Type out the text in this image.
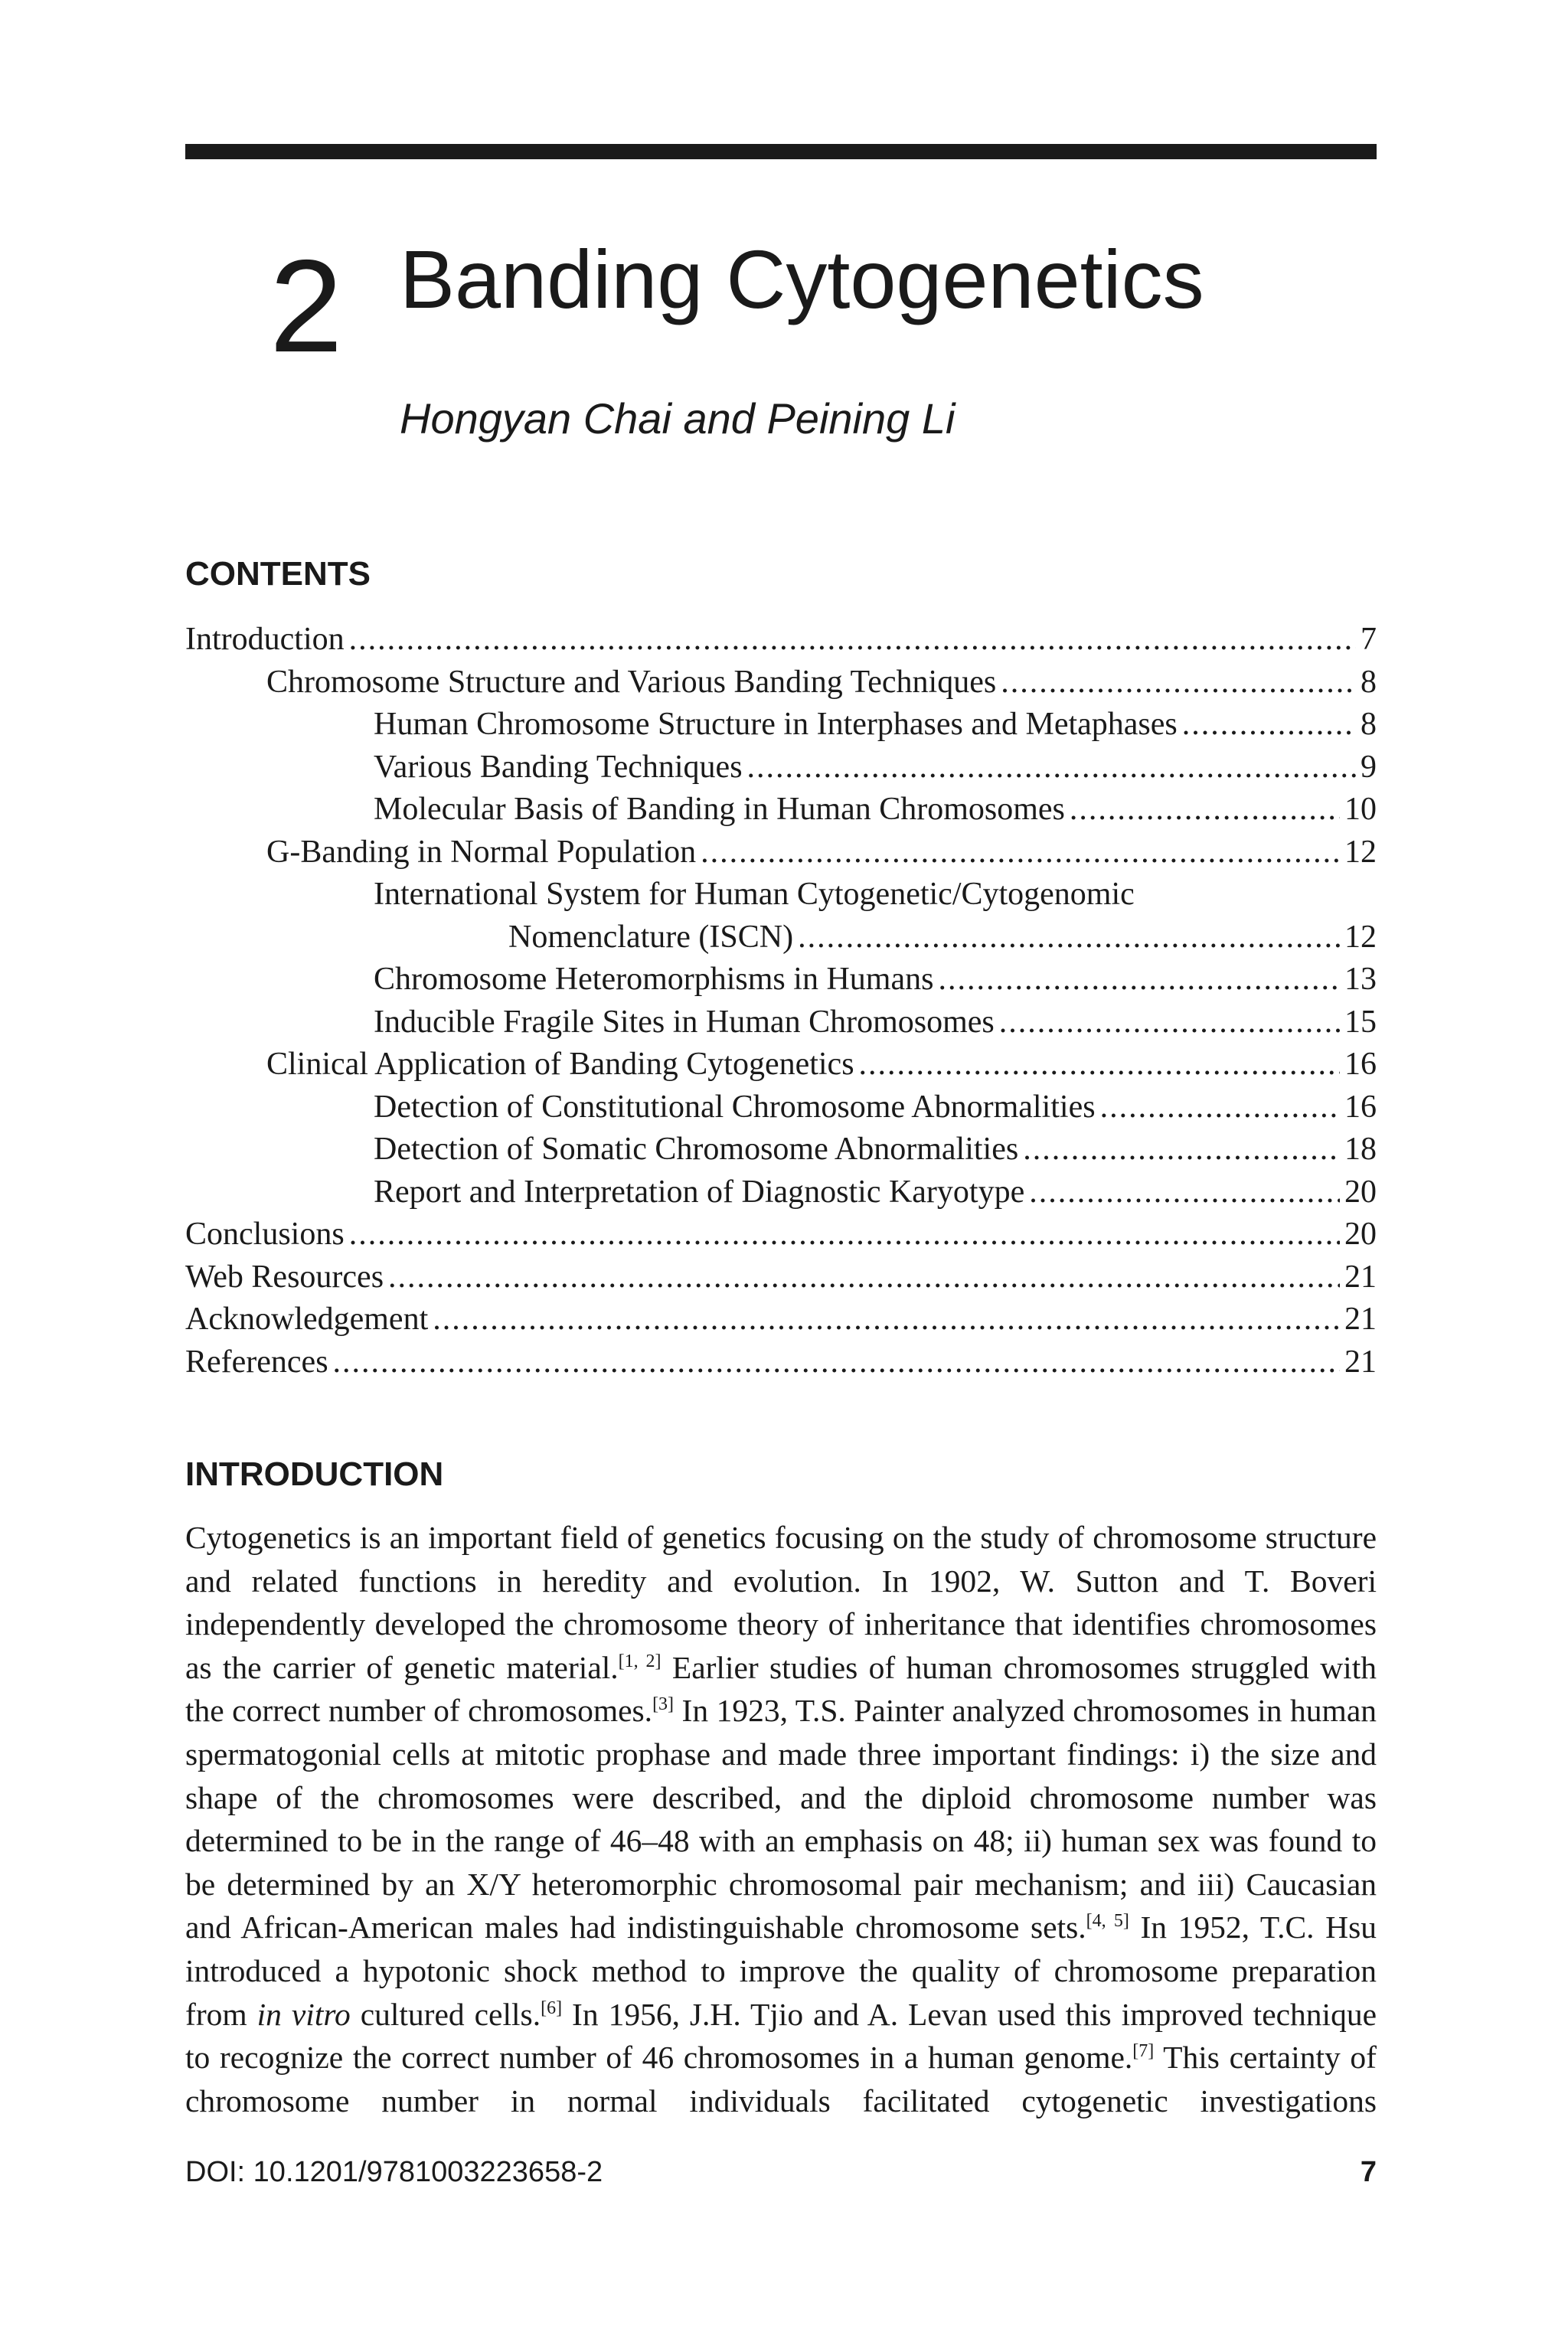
2 Banding Cytogenetics
Hongyan Chai and Peining Li
CONTENTS
Introduction .....	7
Chromosome Structure and Various Banding Techniques .....	8
Human Chromosome Structure in Interphases and Metaphases .....	8
Various Banding Techniques .....	9
Molecular Basis of Banding in Human Chromosomes .....	10
G-Banding in Normal Population .....	12
International System for Human Cytogenetic/Cytogenomic
Nomenclature (ISCN) .....	12
Chromosome Heteromorphisms in Humans .....	13
Inducible Fragile Sites in Human Chromosomes .....	15
Clinical Application of Banding Cytogenetics .....	16
Detection of Constitutional Chromosome Abnormalities .....	16
Detection of Somatic Chromosome Abnormalities .....	18
Report and Interpretation of Diagnostic Karyotype .....	20
Conclusions .....	20
Web Resources .....	21
Acknowledgement .....	21
References .....	21
INTRODUCTION
Cytogenetics is an important field of genetics focusing on the study of chromosome structure and related functions in heredity and evolution. In 1902, W. Sutton and T. Boveri independently developed the chromosome theory of inheritance that identifies chromosomes as the carrier of genetic material.[1, 2] Earlier studies of human chromosomes struggled with the correct number of chromosomes.[3] In 1923, T.S. Painter analyzed chromosomes in human spermatogonial cells at mitotic prophase and made three important findings: i) the size and shape of the chromosomes were described, and the diploid chromosome number was determined to be in the range of 46–48 with an emphasis on 48; ii) human sex was found to be determined by an X/Y heteromorphic chromosomal pair mechanism; and iii) Caucasian and African-American males had indistinguishable chromosome sets.[4, 5] In 1952, T.C. Hsu introduced a hypotonic shock method to improve the quality of chromosome preparation from in vitro cultured cells.[6] In 1956, J.H. Tjio and A. Levan used this improved technique to recognize the correct number of 46 chromosomes in a human genome.[7] This certainty of chromosome number in normal individuals facilitated cytogenetic investigations
DOI: 10.1201/9781003223658-2	7
